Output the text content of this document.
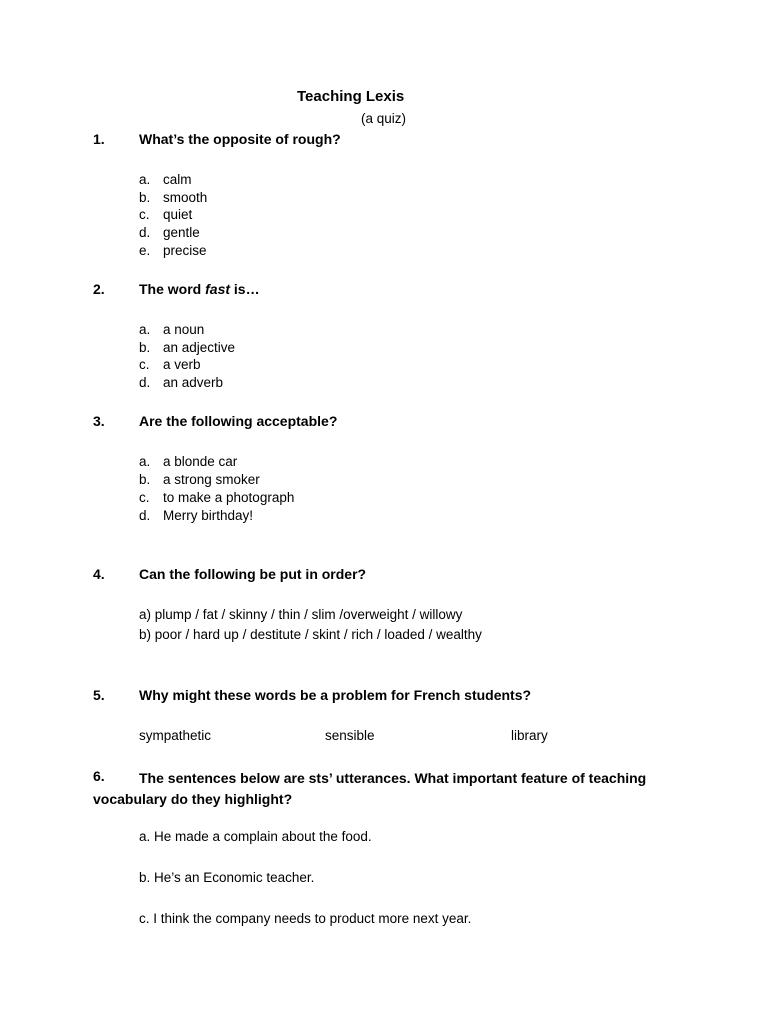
Teaching Lexis
(a quiz)
1. What’s the opposite of rough?
a. calm
b. smooth
c. quiet
d. gentle
e. precise
2. The word fast is…
a. a noun
b. an adjective
c. a verb
d. an adverb
3. Are the following acceptable?
a. a blonde car
b. a strong smoker
c. to make a photograph
d. Merry birthday!
4. Can the following be put in order?
a) plump / fat / skinny / thin / slim /overweight / willowy
b) poor / hard up / destitute / skint / rich / loaded / wealthy
5. Why might these words be a problem for French students?
sympathetic	sensible	library
6.	The sentences below are sts’ utterances. What important feature of teaching vocabulary do they highlight?
a. He made a complain about the food.
b. He’s an Economic teacher.
c. I think the company needs to product more next year.
